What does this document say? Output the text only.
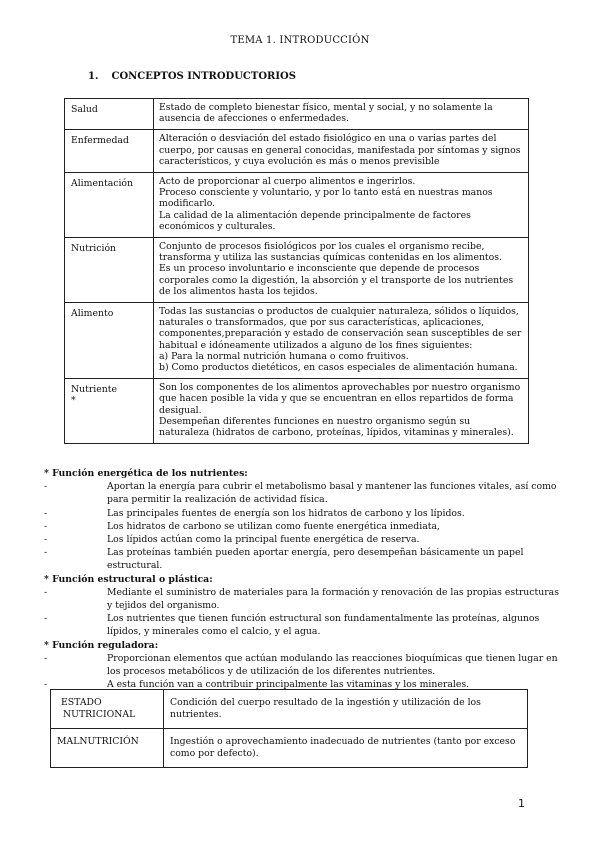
TEMA 1. INTRODUCCIÓN
1. CONCEPTOS INTRODUCTORIOS
Salud	Estado de completo bienestar físico, mental y social, y no solamente la ausencia de afecciones o enfermedades.

Enfermedad	Alteración o desviación del estado fisiológico en una o varias partes del cuerpo, por causas en general conocidas, manifestada por síntomas y signos característicos, y cuya evolución es más o menos previsible

Alimentación	Acto de proporcionar al cuerpo alimentos e ingerirlos.
Proceso consciente y voluntario, y por lo tanto está en nuestras manos modificarlo.
La calidad de la alimentación depende principalmente de factores económicos y culturales.

Nutrición	Conjunto de procesos fisiológicos por los cuales el organismo recibe, transforma y utiliza las sustancias químicas contenidas en los alimentos.
Es un proceso involuntario e inconsciente que depende de procesos corporales como la digestión, la absorción y el transporte de los nutrientes de los alimentos hasta los tejidos.

Alimento	Todas las sustancias o productos de cualquier naturaleza, sólidos o líquidos, naturales o transformados, que por sus características, aplicaciones, componentes,preparación y estado de conservación sean susceptibles de ser habitual e idóneamente utilizados a alguno de los fines siguientes:
a) Para la normal nutrición humana o como fruitivos.
b) Como productos dietéticos, en casos especiales de alimentación humana.

Nutriente
*	Son los componentes de los alimentos aprovechables por nuestro organismo que hacen posible la vida y que se encuentran en ellos repartidos de forma desigual.
Desempeñan diferentes funciones en nuestro organismo según su naturaleza (hidratos de carbono, proteínas, lípidos, vitaminas y minerales).
* Función energética de los nutrientes:
-	Aportan la energía para cubrir el metabolismo basal y mantener las funciones vitales, así como para permitir la realización de actividad física.
-	Las principales fuentes de energía son los hidratos de carbono y los lípidos.
-	Los hidratos de carbono se utilizan como fuente energética inmediata,
-	Los lípidos actúan como la principal fuente energética de reserva.
-	Las proteínas también pueden aportar energía, pero desempeñan básicamente un papel estructural.
* Función estructural o plástica:
-	Mediante el suministro de materiales para la formación y renovación de las propias estructuras y tejidos del organismo.
-	Los nutrientes que tienen función estructural son fundamentalmente las proteínas, algunos lípidos, y minerales como el calcio, y el agua.
* Función reguladora:
-	Proporcionan elementos que actúan modulando las reacciones bioquímicas que tienen lugar en los procesos metabólicos y de utilización de los diferentes nutrientes.
-	A esta función van a contribuir principalmente las vitaminas y los minerales.
ESTADO
NUTRICIONAL	Condición del cuerpo resultado de la ingestión y utilización de los nutrientes.

MALNUTRICIÓN	Ingestión o aprovechamiento inadecuado de nutrientes (tanto por exceso como por defecto).
1
